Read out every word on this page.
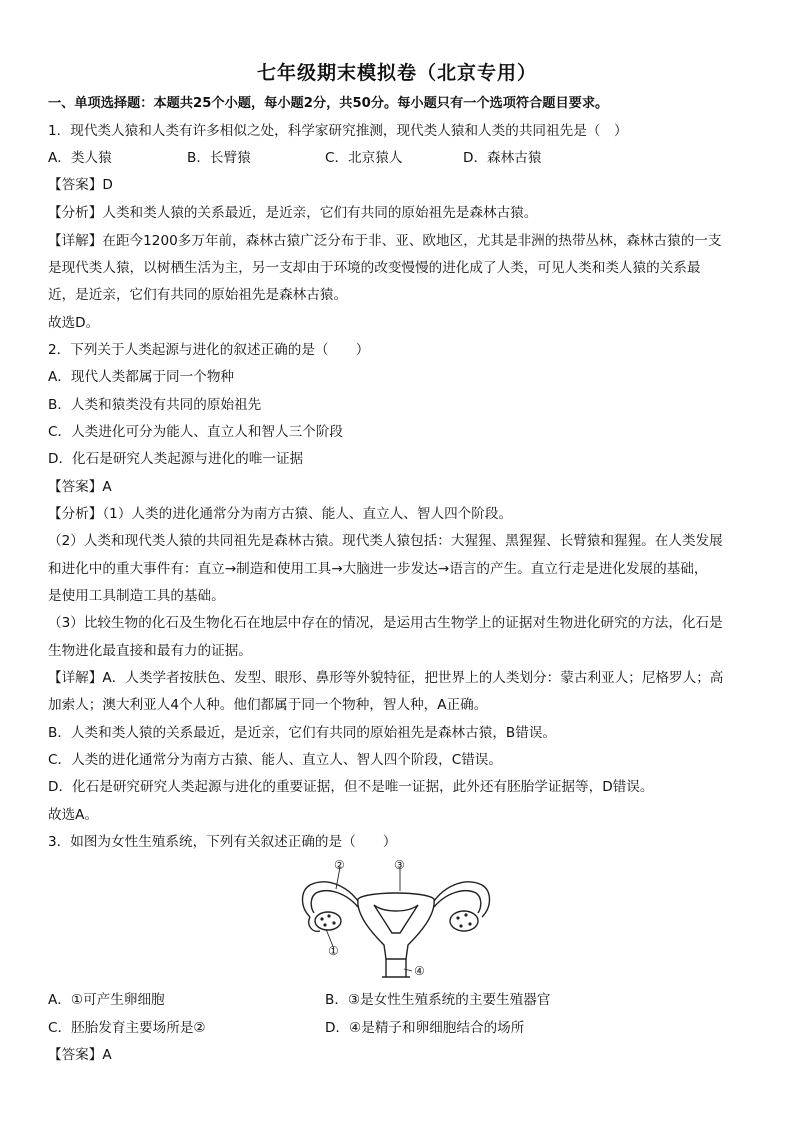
七年级期末模拟卷（北京专用）
一、单项选择题：本题共25个小题，每小题2分，共50分。每小题只有一个选项符合题目要求。
1．现代类人猿和人类有许多相似之处，科学家研究推测，现代类人猿和人类的共同祖先是（　）
A．类人猿	B．长臂猿	C．北京猿人	D．森林古猿
【答案】D
【分析】人类和类人猿的关系最近，是近亲，它们有共同的原始祖先是森林古猿。
【详解】在距今1200多万年前，森林古猿广泛分布于非、亚、欧地区，尤其是非洲的热带丛林，森林古猿的一支
是现代类人猿，以树栖生活为主，另一支却由于环境的改变慢慢的进化成了人类，可见人类和类人猿的关系最
近，是近亲，它们有共同的原始祖先是森林古猿。
故选D。
2．下列关于人类起源与进化的叙述正确的是（　　）
A．现代人类都属于同一个物种
B．人类和猿类没有共同的原始祖先
C．人类进化可分为能人、直立人和智人三个阶段
D．化石是研究人类起源与进化的唯一证据
【答案】A
【分析】（1）人类的进化通常分为南方古猿、能人、直立人、智人四个阶段。
（2）人类和现代类人猿的共同祖先是森林古猿。现代类人猿包括：大猩猩、黑猩猩、长臂猿和猩猩。在人类发展
和进化中的重大事件有：直立→制造和使用工具→大脑进一步发达→语言的产生。直立行走是进化发展的基础，
是使用工具制造工具的基础。
（3）比较生物的化石及生物化石在地层中存在的情况，是运用古生物学上的证据对生物进化研究的方法，化石是
生物进化最直接和最有力的证据。
【详解】A．人类学者按肤色、发型、眼形、鼻形等外貌特征，把世界上的人类划分：蒙古利亚人；尼格罗人；高
加索人；澳大利亚人4个人种。他们都属于同一个物种，智人种，A正确。
B．人类和类人猿的关系最近，是近亲，它们有共同的原始祖先是森林古猿，B错误。
C．人类的进化通常分为南方古猿、能人、直立人、智人四个阶段，C错误。
D．化石是研究研究人类起源与进化的重要证据，但不是唯一证据，此外还有胚胎学证据等，D错误。
故选A。
3．如图为女性生殖系统，下列有关叙述正确的是（　　）
②	③
①
④
A．①可产生卵细胞	B．③是女性生殖系统的主要生殖器官
C．胚胎发育主要场所是②	D．④是精子和卵细胞结合的场所
【答案】A
